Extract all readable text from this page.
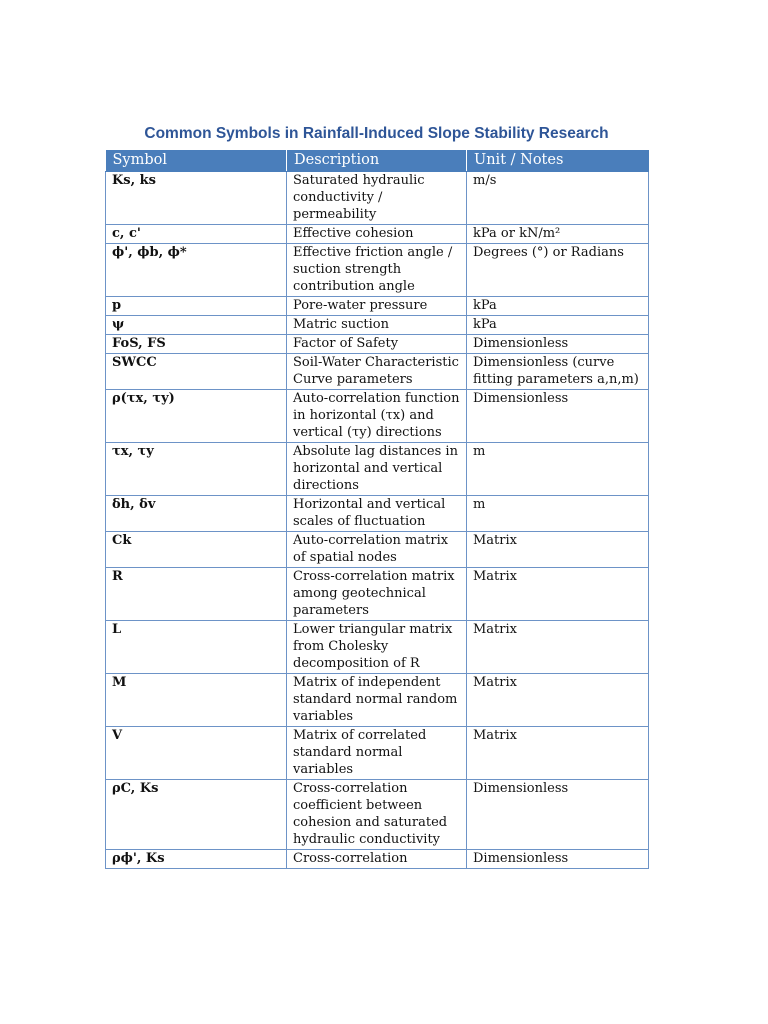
Common Symbols in Rainfall-Induced Slope Stability Research
Symbol	Description	Unit / Notes
Ks, ks	Saturated hydraulic conductivity / permeability	m/s
c, c'	Effective cohesion	kPa or kN/m²
ϕ', ϕb, ϕ*	Effective friction angle / suction strength contribution angle	Degrees (°) or Radians
p	Pore-water pressure	kPa
ψ	Matric suction	kPa
FoS, FS	Factor of Safety	Dimensionless
SWCC	Soil-Water Characteristic Curve parameters	Dimensionless (curve fitting parameters a,n,m)
ρ(τx, τy)	Auto-correlation function in horizontal (τx) and vertical (τy) directions	Dimensionless
τx, τy	Absolute lag distances in horizontal and vertical directions	m
δh, δv	Horizontal and vertical scales of fluctuation	m
Ck	Auto-correlation matrix of spatial nodes	Matrix
R	Cross-correlation matrix among geotechnical parameters	Matrix
L	Lower triangular matrix from Cholesky decomposition of R	Matrix
M	Matrix of independent standard normal random variables	Matrix
V	Matrix of correlated standard normal variables	Matrix
ρC, Ks	Cross-correlation coefficient between cohesion and saturated hydraulic conductivity	Dimensionless
ρϕ', Ks	Cross-correlation	Dimensionless
